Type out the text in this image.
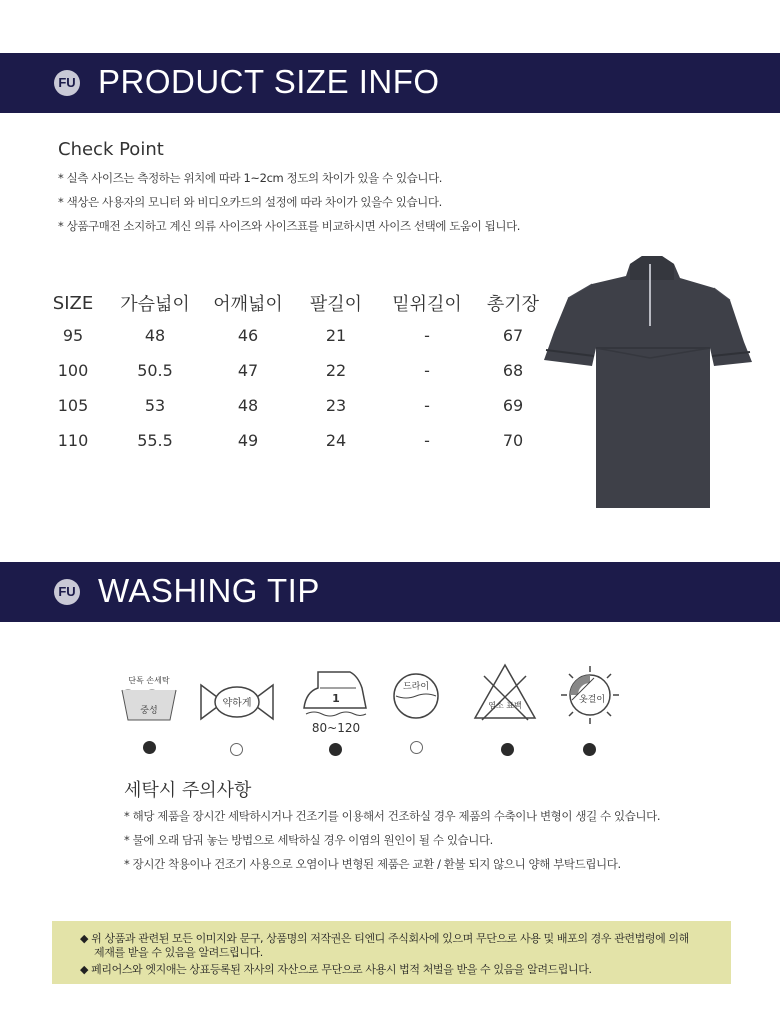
FU PRODUCT SIZE INFO
Check Point
* 실측 사이즈는 측정하는 위치에 따라 1~2cm 정도의 차이가 있을 수 있습니다.
* 색상은 사용자의 모니터 와 비디오카드의 설정에 따라 차이가 있을수 있습니다.
* 상품구매전 소지하고 계신 의류 사이즈와 사이즈표를 비교하시면 사이즈 선택에 도움이 됩니다.
SIZE	가슴넓이	어깨넓이	팔길이	밑위길이	총기장
95	48	46	21	-	67
100	50.5	47	22	-	68
105	53	48	23	-	69
110	55.5	49	24	-	70
FU WASHING TIP
단독 손세탁
중성
약하게	1
80~120
드라이
염소 표백
옷걸이
세탁시 주의사항
* 해당 제품을 장시간 세탁하시거나 건조기를 이용해서 건조하실 경우 제품의 수축이나 변형이 생길 수 있습니다.
* 물에 오래 담궈 놓는 방법으로 세탁하실 경우 이염의 원인이 될 수 있습니다.
* 장시간 착용이나 건조기 사용으로 오염이나 변형된 제품은 교환 / 환불 되지 않으니 양해 부탁드립니다.
◆ 위 상품과 관련된 모든 이미지와 문구, 상품명의 저작권은 티엔디 주식회사에 있으며 무단으로 사용 및 배포의 경우 관련법령에 의해
제재를 받을 수 있음을 알려드립니다.
◆ 페리어스와 엣지애는 상표등록된 자사의 자산으로 무단으로 사용시 법적 처벌을 받을 수 있음을 알려드립니다.
